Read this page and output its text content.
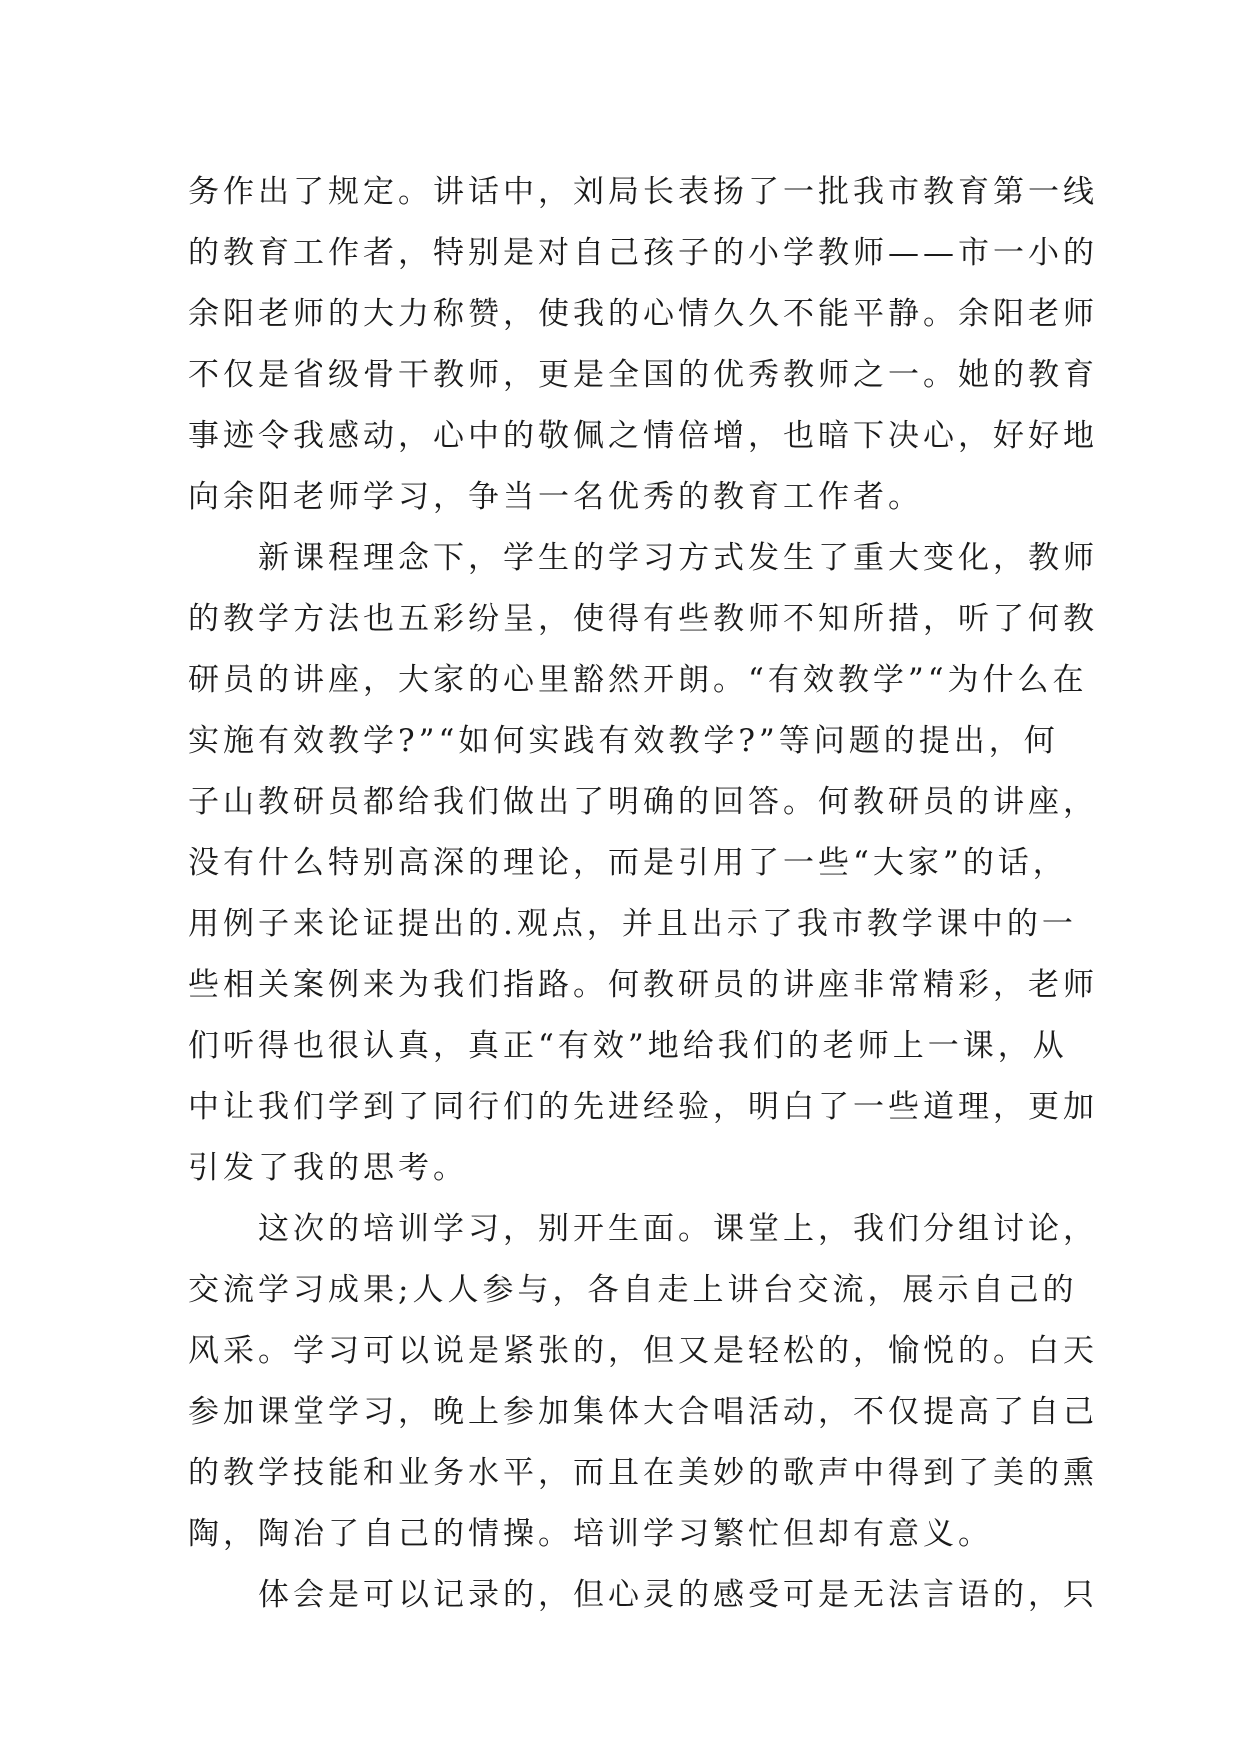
务作出了规定。讲话中，刘局长表扬了一批我市教育第一线
的教育工作者，特别是对自己孩子的小学教师——市一小的
余阳老师的大力称赞，使我的心情久久不能平静。余阳老师
不仅是省级骨干教师，更是全国的优秀教师之一。她的教育
事迹令我感动，心中的敬佩之情倍增，也暗下决心，好好地
向余阳老师学习，争当一名优秀的教育工作者。
新课程理念下，学生的学习方式发生了重大变化，教师
的教学方法也五彩纷呈，使得有些教师不知所措，听了何教
研员的讲座，大家的心里豁然开朗。“有效教学”“为什么在
实施有效教学?”“如何实践有效教学?”等问题的提出，何
子山教研员都给我们做出了明确的回答。何教研员的讲座，
没有什么特别高深的理论，而是引用了一些“大家”的话，
用例子来论证提出的.观点，并且出示了我市教学课中的一
些相关案例来为我们指路。何教研员的讲座非常精彩，老师
们听得也很认真，真正“有效”地给我们的老师上一课，从
中让我们学到了同行们的先进经验，明白了一些道理，更加
引发了我的思考。
这次的培训学习，别开生面。课堂上，我们分组讨论，
交流学习成果;人人参与，各自走上讲台交流，展示自己的
风采。学习可以说是紧张的，但又是轻松的，愉悦的。白天
参加课堂学习，晚上参加集体大合唱活动，不仅提高了自己
的教学技能和业务水平，而且在美妙的歌声中得到了美的熏
陶，陶冶了自己的情操。培训学习繁忙但却有意义。
体会是可以记录的，但心灵的感受可是无法言语的，只
